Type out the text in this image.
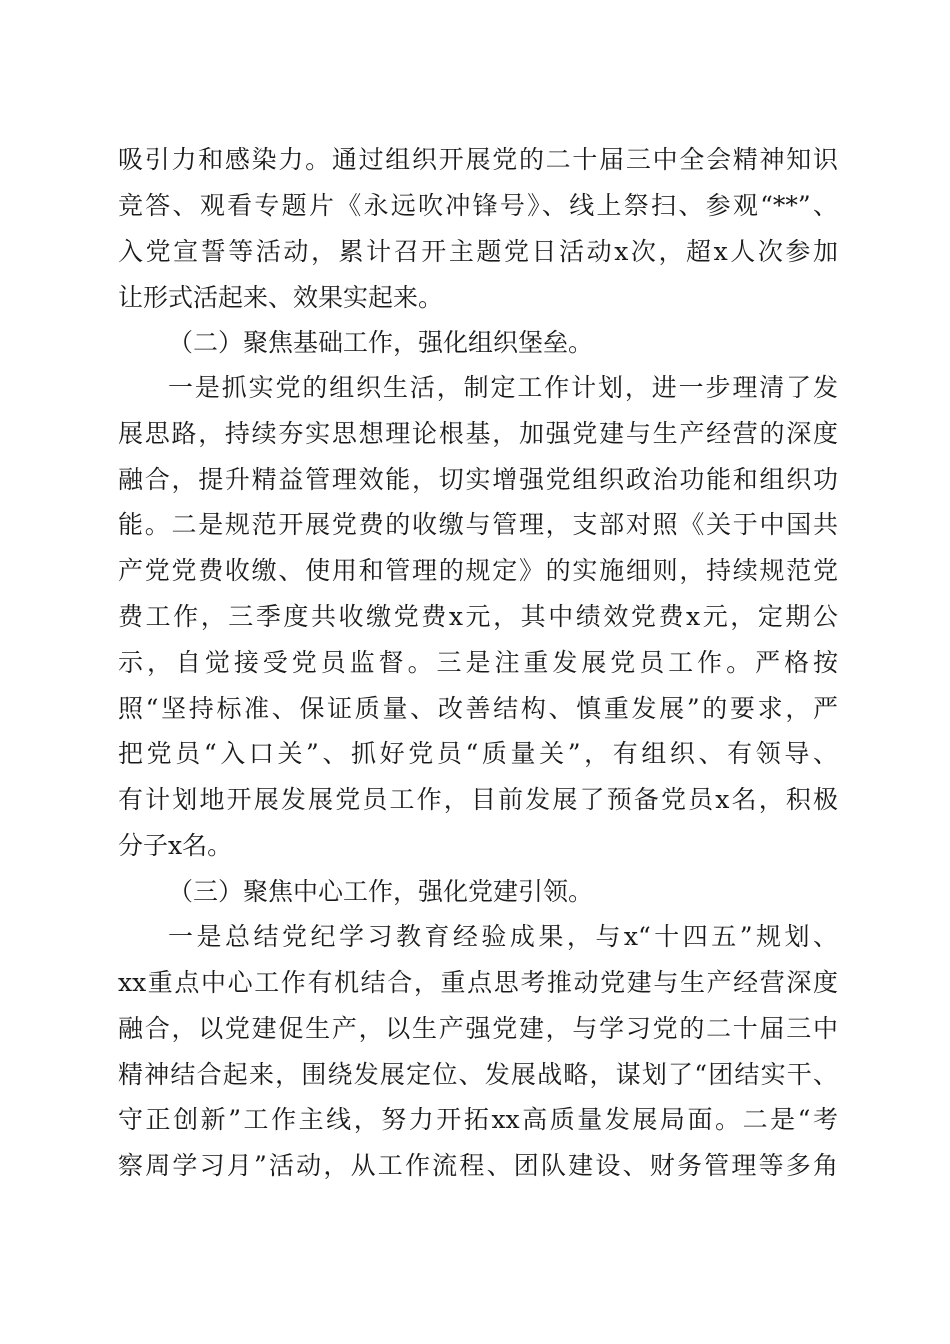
吸引力和感染力。通过组织开展党的二十届三中全会精神知识
竞答、观看专题片《永远吹冲锋号》、线上祭扫、参观“**”、
入党宣誓等活动，累计召开主题党日活动x次，超x人次参加
让形式活起来、效果实起来。
（二）聚焦基础工作，强化组织堡垒。
一是抓实党的组织生活，制定工作计划，进一步理清了发
展思路，持续夯实思想理论根基，加强党建与生产经营的深度
融合，提升精益管理效能，切实增强党组织政治功能和组织功
能。二是规范开展党费的收缴与管理，支部对照《关于中国共
产党党费收缴、使用和管理的规定》的实施细则，持续规范党
费工作，三季度共收缴党费x元，其中绩效党费x元，定期公
示，自觉接受党员监督。三是注重发展党员工作。严格按
照“坚持标准、保证质量、改善结构、慎重发展”的要求，严
把党员“入口关”、抓好党员“质量关”，有组织、有领导、
有计划地开展发展党员工作，目前发展了预备党员x名，积极
分子x名。
（三）聚焦中心工作，强化党建引领。
一是总结党纪学习教育经验成果，与x“十四五”规划、
xx重点中心工作有机结合，重点思考推动党建与生产经营深度
融合，以党建促生产，以生产强党建，与学习党的二十届三中
精神结合起来，围绕发展定位、发展战略，谋划了“团结实干、
守正创新”工作主线，努力开拓xx高质量发展局面。二是“考
察周学习月”活动，从工作流程、团队建设、财务管理等多角
